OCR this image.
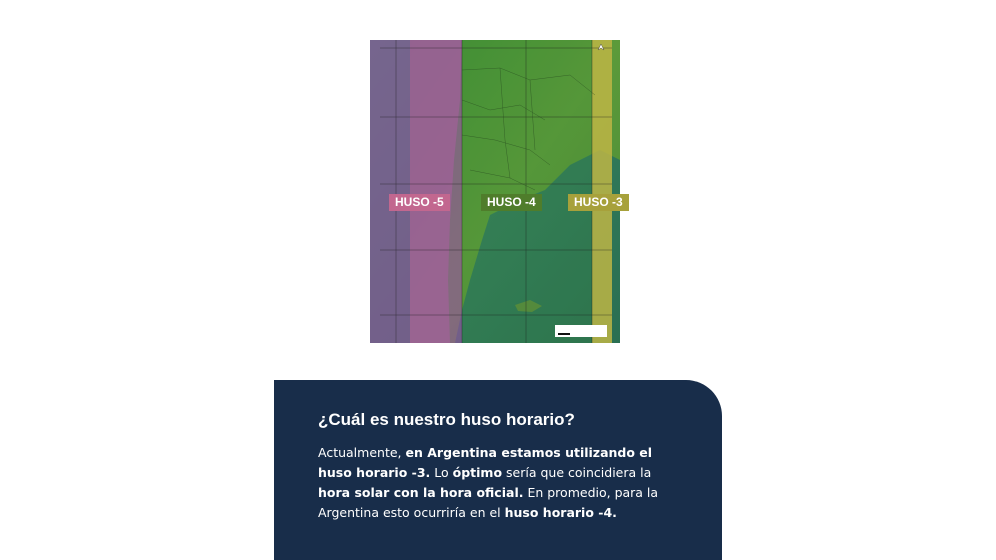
HUSO -5	HUSO -4	HUSO -3
¿Cuál es nuestro huso horario?

Actualmente, en Argentina estamos utilizando el huso horario -3. Lo óptimo sería que coincidiera la hora solar con la hora oficial. En promedio, para la Argentina esto ocurriría en el huso horario -4.
